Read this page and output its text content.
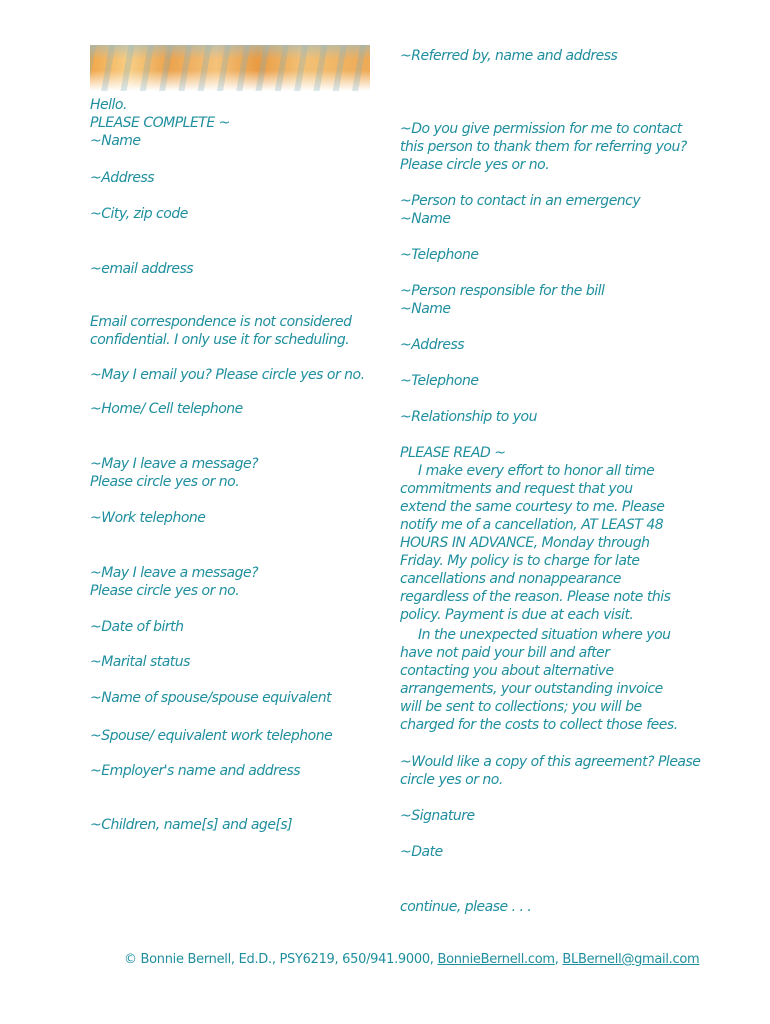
Hello.

PLEASE COMPLETE ~

~Name

~Address

~City, zip code

~email address

Email correspondence is not considered

confidential. I only use it for scheduling.

~May I email you? Please circle yes or no.

~Home/ Cell telephone

~May I leave a message?

Please circle yes or no.

~Work telephone

~May I leave a message?

Please circle yes or no.

~Date of birth

~Marital status

~Name of spouse/spouse equivalent

~Spouse/ equivalent work telephone

~Employer's name and address

~Children, name[s] and age[s]

~Referred by, name and address

~Do you give permission for me to contact

this person to thank them for referring you?

Please circle yes or no.

~Person to contact in an emergency

~Name

~Telephone

~Person responsible for the bill

~Name

~Address

~Telephone

~Relationship to you

PLEASE READ ~

I make every effort to honor all time commitments and request that you extend the same courtesy to me. Please notify me of a cancellation, AT LEAST 48 HOURS IN ADVANCE, Monday through Friday. My policy is to charge for late cancellations and nonappearance regardless of the reason. Please note this policy. Payment is due at each visit.

In the unexpected situation where you have not paid your bill and after contacting you about alternative arrangements, your outstanding invoice will be sent to collections; you will be charged for the costs to collect those fees.

~Would like a copy of this agreement? Please

circle yes or no.

~Signature

~Date

continue, please . . .

© Bonnie Bernell, Ed.D., PSY6219, 650/941.9000, BonnieBernell.com, BLBernell@gmail.com
